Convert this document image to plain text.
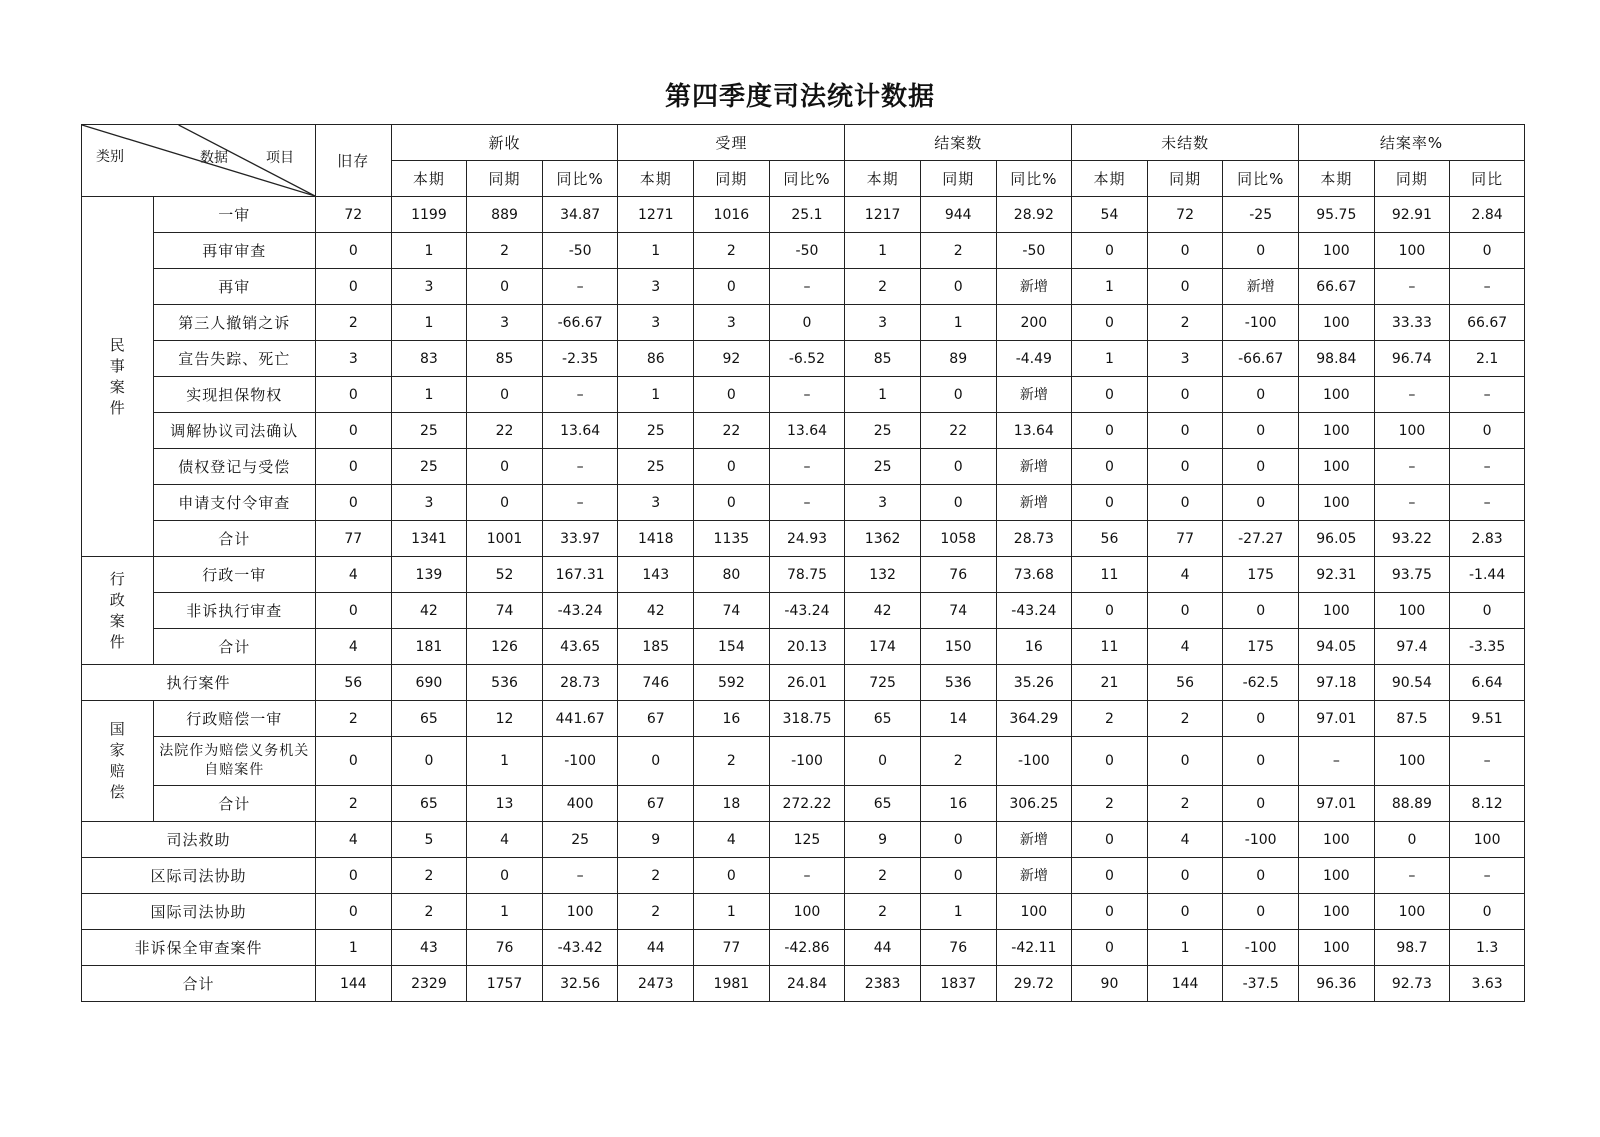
第四季度司法统计数据
类别 数据 项目		旧存	新收			受理			结案数			未结数			结案率%		
			本期	同期	同比%	本期	同期	同比%	本期	同期	同比%	本期	同期	同比%	本期	同期	同比

民
事
案
件	一审	72	1199	889	34.87	1271	1016	25.1	1217	944	28.92	54	72	-25	95.75	92.91	2.84
	再审审查	0	1	2	-50	1	2	-50	1	2	-50	0	0	0	100	100	0
	再审	0	3	0	–	3	0	–	2	0	新增	1	0	新增	66.67	–	–
	第三人撤销之诉	2	1	3	-66.67	3	3	0	3	1	200	0	2	-100	100	33.33	66.67
	宣告失踪、死亡	3	83	85	-2.35	86	92	-6.52	85	89	-4.49	1	3	-66.67	98.84	96.74	2.1
	实现担保物权	0	1	0	–	1	0	–	1	0	新增	0	0	0	100	–	–
	调解协议司法确认	0	25	22	13.64	25	22	13.64	25	22	13.64	0	0	0	100	100	0
	债权登记与受偿	0	25	0	–	25	0	–	25	0	新增	0	0	0	100	–	–
	申请支付令审查	0	3	0	–	3	0	–	3	0	新增	0	0	0	100	–	–
	合计	77	1341	1001	33.97	1418	1135	24.93	1362	1058	28.73	56	77	-27.27	96.05	93.22	2.83

行
政
案
件	行政一审	4	139	52	167.31	143	80	78.75	132	76	73.68	11	4	175	92.31	93.75	-1.44
	非诉执行审查	0	42	74	-43.24	42	74	-43.24	42	74	-43.24	0	0	0	100	100	0
	合计	4	181	126	43.65	185	154	20.13	174	150	16	11	4	175	94.05	97.4	-3.35
执行案件		56	690	536	28.73	746	592	26.01	725	536	35.26	21	56	-62.5	97.18	90.54	6.64

国
家
赔
偿	行政赔偿一审	2	65	12	441.67	67	16	318.75	65	14	364.29	2	2	0	97.01	87.5	9.51
	法院作为赔偿义务机关自赔案件	0	0	1	-100	0	2	-100	0	2	-100	0	0	0	–	100	–
	合计	2	65	13	400	67	18	272.22	65	16	306.25	2	2	0	97.01	88.89	8.12
司法救助		4	5	4	25	9	4	125	9	0	新增	0	4	-100	100	0	100
区际司法协助		0	2	0	–	2	0	–	2	0	新增	0	0	0	100	–	–
国际司法协助		0	2	1	100	2	1	100	2	1	100	0	0	0	100	100	0
非诉保全审查案件		1	43	76	-43.42	44	77	-42.86	44	76	-42.11	0	1	-100	100	98.7	1.3
合计		144	2329	1757	32.56	2473	1981	24.84	2383	1837	29.72	90	144	-37.5	96.36	92.73	3.63
